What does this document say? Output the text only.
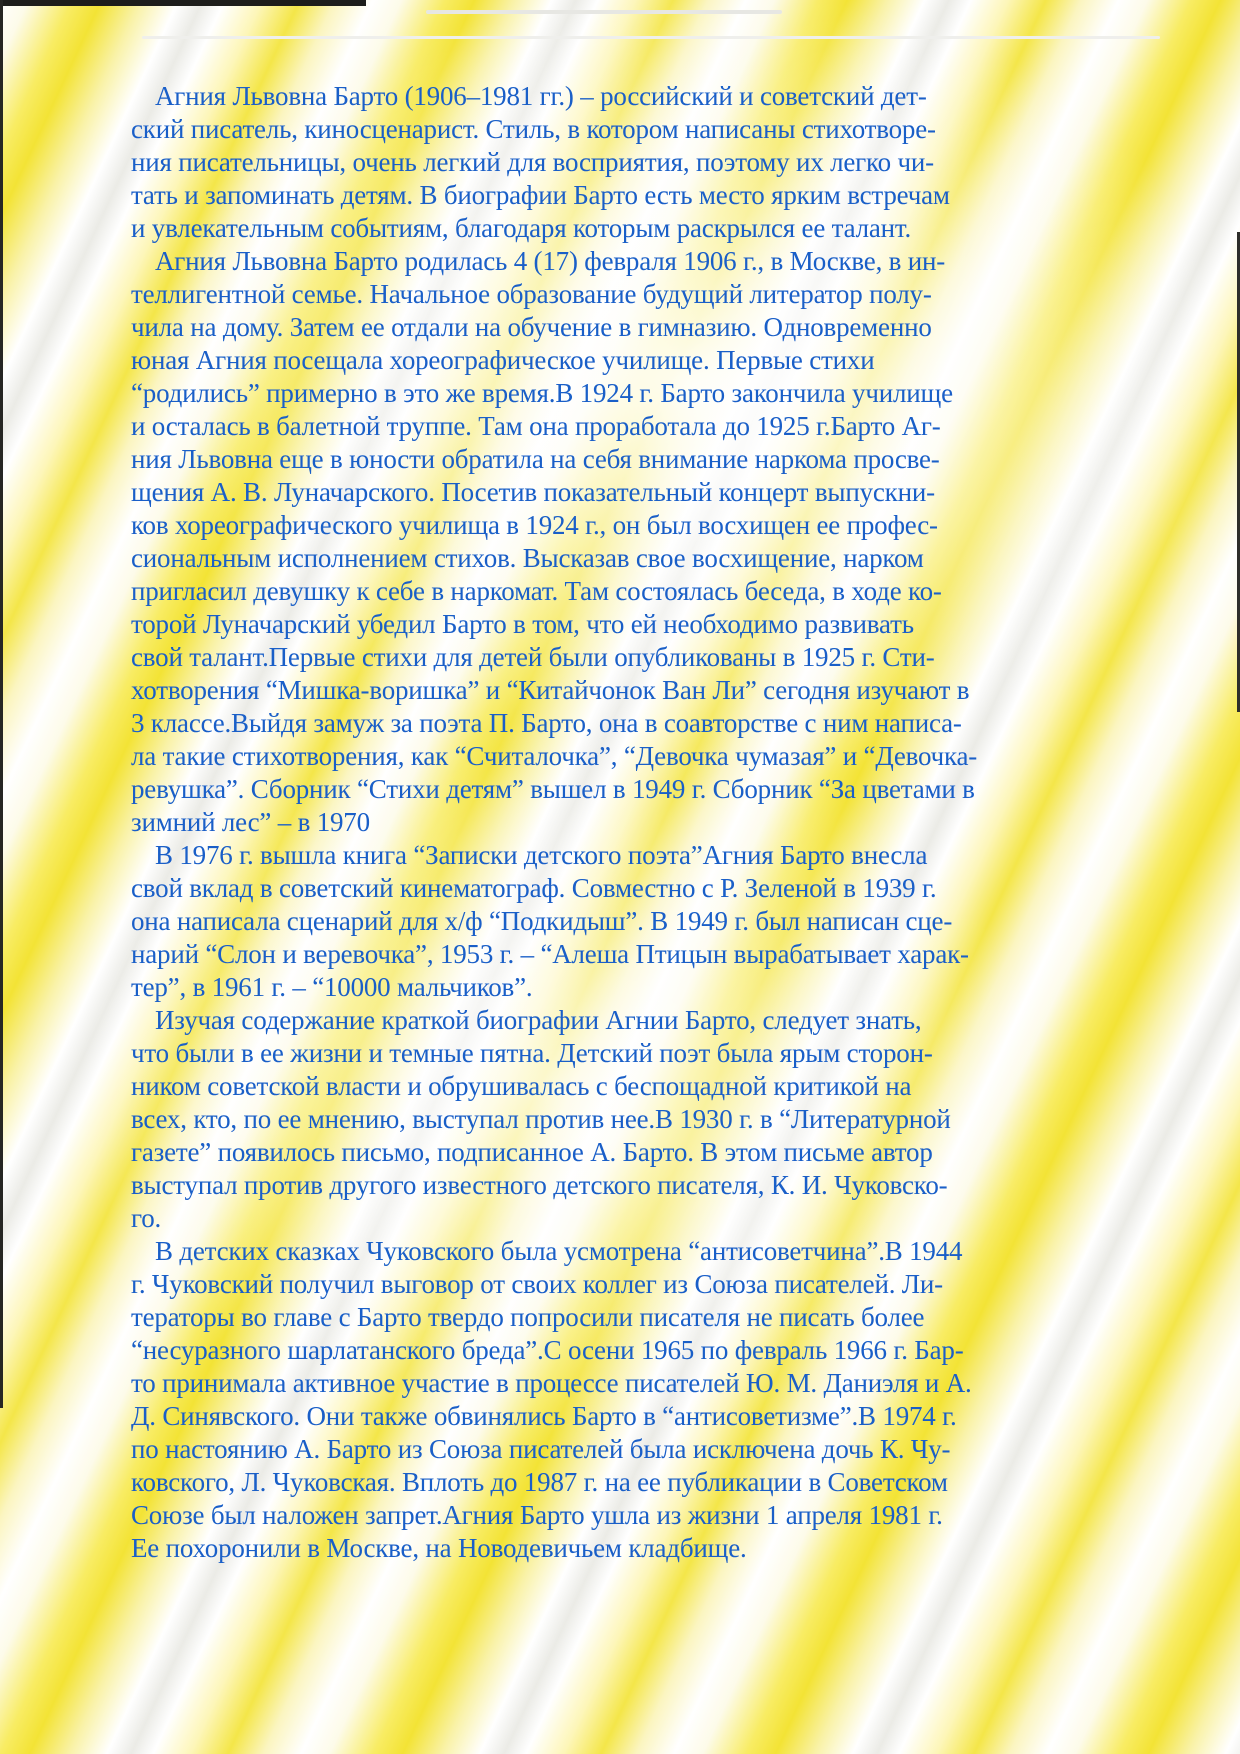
Агния Львовна Барто (1906–1981 гг.) – российский и советский дет-
ский писатель, киносценарист. Стиль, в котором написаны стихотворе-
ния писательницы, очень легкий для восприятия, поэтому их легко чи-
тать и запоминать детям. В биографии Барто есть место ярким встречам
и увлекательным событиям, благодаря которым раскрылся ее талант.
Агния Львовна Барто родилась 4 (17) февраля 1906 г., в Москве, в ин-
теллигентной семье. Начальное образование будущий литератор полу-
чила на дому. Затем ее отдали на обучение в гимназию. Одновременно
юная Агния посещала хореографическое училище. Первые стихи
“родились” примерно в это же время.В 1924 г. Барто закончила училище
и осталась в балетной труппе. Там она проработала до 1925 г.Барто Аг-
ния Львовна еще в юности обратила на себя внимание наркома просве-
щения А. В. Луначарского. Посетив показательный концерт выпускни-
ков хореографического училища в 1924 г., он был восхищен ее профес-
сиональным исполнением стихов. Высказав свое восхищение, нарком
пригласил девушку к себе в наркомат. Там состоялась беседа, в ходе ко-
торой Луначарский убедил Барто в том, что ей необходимо развивать
свой талант.Первые стихи для детей были опубликованы в 1925 г. Сти-
хотворения “Мишка-воришка” и “Китайчонок Ван Ли” сегодня изучают в
3 классе.Выйдя замуж за поэта П. Барто, она в соавторстве с ним написа-
ла такие стихотворения, как “Считалочка”, “Девочка чумазая” и “Девочка-
ревушка”. Сборник “Стихи детям” вышел в 1949 г. Сборник “За цветами в
зимний лес” – в 1970
В 1976 г. вышла книга “Записки детского поэта”Агния Барто внесла
свой вклад в советский кинематограф. Совместно с Р. Зеленой в 1939 г.
она написала сценарий для х/ф “Подкидыш”. В 1949 г. был написан сце-
нарий “Слон и веревочка”, 1953 г. – “Алеша Птицын вырабатывает харак-
тер”, в 1961 г. – “10000 мальчиков”.
Изучая содержание краткой биографии Агнии Барто, следует знать,
что были в ее жизни и темные пятна. Детский поэт была ярым сторон-
ником советской власти и обрушивалась с беспощадной критикой на
всех, кто, по ее мнению, выступал против нее.В 1930 г. в “Литературной
газете” появилось письмо, подписанное А. Барто. В этом письме автор
выступал против другого известного детского писателя, К. И. Чуковско-
го.
В детских сказках Чуковского была усмотрена “антисоветчина”.В 1944
г. Чуковский получил выговор от своих коллег из Союза писателей. Ли-
тераторы во главе с Барто твердо попросили писателя не писать более
“несуразного шарлатанского бреда”.С осени 1965 по февраль 1966 г. Бар-
то принимала активное участие в процессе писателей Ю. М. Даниэля и А.
Д. Синявского. Они также обвинялись Барто в “антисоветизме”.В 1974 г.
по настоянию А. Барто из Союза писателей была исключена дочь К. Чу-
ковского, Л. Чуковская. Вплоть до 1987 г. на ее публикации в Советском
Союзе был наложен запрет.Агния Барто ушла из жизни 1 апреля 1981 г.
Ее похоронили в Москве, на Новодевичьем кладбище.
